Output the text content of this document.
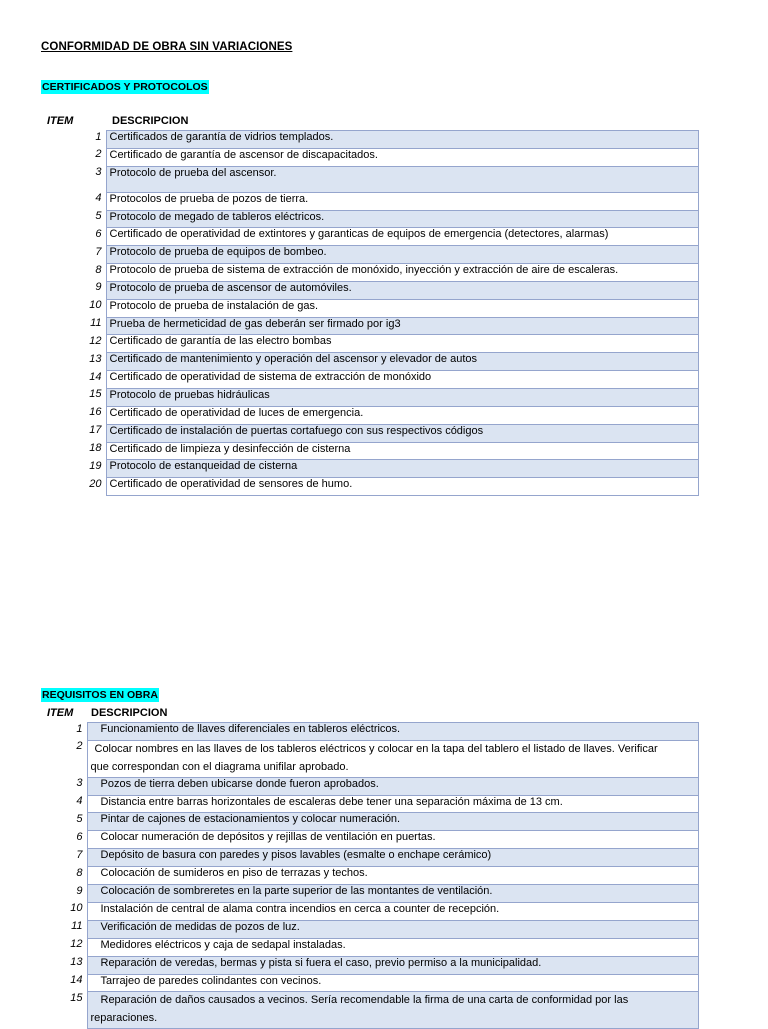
CONFORMIDAD DE OBRA SIN VARIACIONES
CERTIFICADOS Y PROTOCOLOS
ITEM	DESCRIPCION
1	Certificados de garantía de vidrios templados.
2	Certificado de garantía de ascensor de discapacitados.
3	Protocolo de prueba del ascensor.
4	Protocolos de prueba de pozos de tierra.
5	Protocolo de megado de tableros eléctricos.
6	Certificado de operatividad de extintores y garanticas de equipos de emergencia (detectores, alarmas)
7	Protocolo de prueba de equipos de bombeo.
8	Protocolo de prueba de sistema de extracción de monóxido, inyección y extracción de aire de escaleras.
9	Protocolo de prueba de ascensor de automóviles.
10	Protocolo de prueba de instalación de gas.
11	Prueba de hermeticidad de gas deberán ser firmado por ig3
12	Certificado de garantía de las electro bombas
13	Certificado de mantenimiento y operación del ascensor y elevador de autos
14	Certificado de operatividad de sistema de extracción de monóxido
15	Protocolo de pruebas hidráulicas
16	Certificado de operatividad de luces de emergencia.
17	Certificado de instalación de puertas cortafuego con sus respectivos códigos
18	Certificado de limpieza y desinfección de cisterna
19	Protocolo de estanqueidad de cisterna
20	Certificado de operatividad de sensores de humo.
REQUISITOS EN OBRA
ITEM DESCRIPCION
1	Funcionamiento de llaves diferenciales en tableros eléctricos.
2	Colocar nombres en las llaves de los tableros eléctricos y colocar en la tapa del tablero el listado de llaves. Verificar
que correspondan con el diagrama unifilar aprobado.

3	Pozos de tierra deben ubicarse donde fueron aprobados.
4	Distancia entre barras horizontales de escaleras debe tener una separación máxima de 13 cm.
5	Pintar de cajones de estacionamientos y colocar numeración.
6	Colocar numeración de depósitos y rejillas de ventilación en puertas.
7	Depósito de basura con paredes y pisos lavables (esmalte o enchape cerámico)
8	Colocación de sumideros en piso de terrazas y techos.
9	Colocación de sombreretes en la parte superior de las montantes de ventilación.
10	Instalación de central de alama contra incendios en cerca a counter de recepción.
11	Verificación de medidas de pozos de luz.
12	Medidores eléctricos y caja de sedapal instaladas.
13	Reparación de veredas, bermas y pista si fuera el caso, previo permiso a la municipalidad.
14	Tarrajeo de paredes colindantes con vecinos.
15	Reparación de daños causados a vecinos. Sería recomendable la firma de una carta de conformidad por las
reparaciones.
